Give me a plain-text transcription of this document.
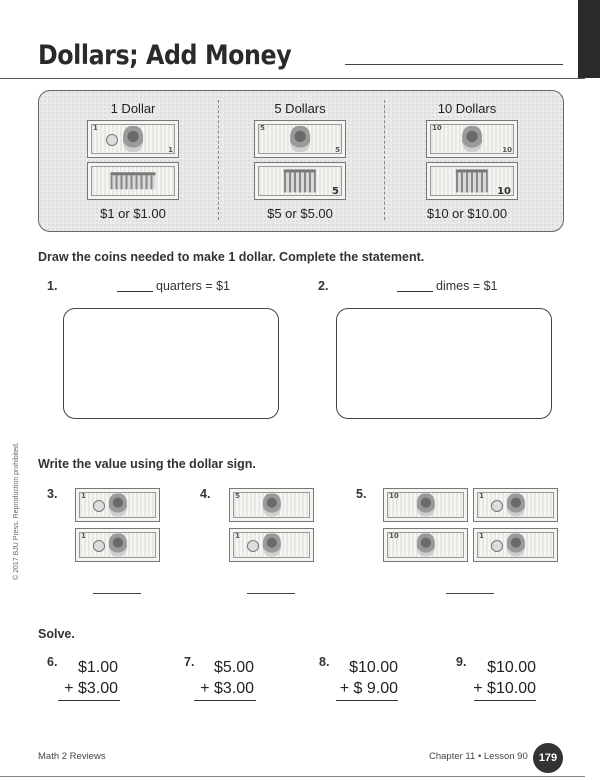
Dollars; Add Money
1 Dollar
1
1
$1 or $1.00
5 Dollars
5
5
5
$5 or $5.00
10 Dollars
10
10
10
$10 or $10.00
Draw the coins needed to make 1 dollar. Complete the statement.
1.	quarters = $1	2.	dimes = $1
Write the value using the dollar sign.
3.	1
1
4.	5
1
5.	10	1
10	1
Solve.
6.	$1.00
+ $3.00
7.	$5.00
+ $3.00
8.	$10.00
+ $ 9.00
9.	$10.00
+ $10.00
© 2017 BJU Press. Reproduction prohibited.
Math 2 Reviews	Chapter 11 • Lesson 90	179
